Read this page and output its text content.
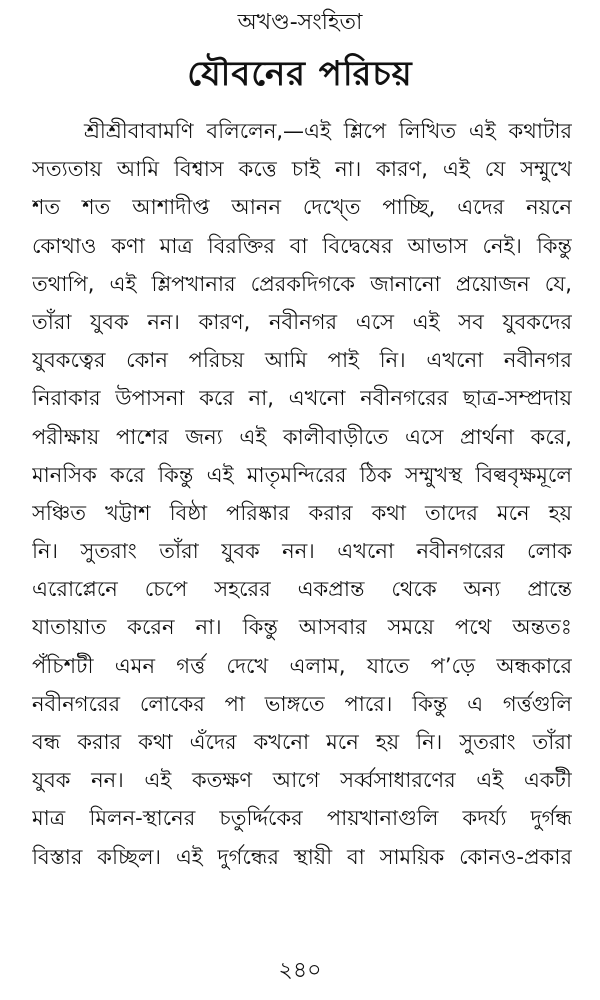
অখণ্ড-সংহিতা
যৌবনের পরিচয়
শ্রীশ্রীবাবামণি বলিলেন,—এই শ্লিপে লিখিত এই কথাটার
সত্যতায় আমি বিশ্বাস কত্তে চাই না। কারণ, এই যে সম্মুখে
শত শত আশাদীপ্ত আনন দেখ্তে পাচ্ছি, এদের নয়নে
কোথাও কণা মাত্র বিরক্তির বা বিদ্বেষের আভাস নেই। কিন্তু
তথাপি, এই শ্লিপখানার প্রেরকদিগকে জানানো প্রয়োজন যে,
তাঁরা যুবক নন। কারণ, নবীনগর এসে এই সব যুবকদের
যুবকত্বের কোন পরিচয় আমি পাই নি। এখনো নবীনগর
নিরাকার উপাসনা করে না, এখনো নবীনগরের ছাত্র-সম্প্রদায়
পরীক্ষায় পাশের জন্য এই কালীবাড়ীতে এসে প্রার্থনা করে,
মানসিক করে কিন্তু এই মাতৃমন্দিরের ঠিক সম্মুখস্থ বিল্ববৃক্ষমূলে
সঞ্চিত খট্টাশ বিষ্ঠা পরিষ্কার করার কথা তাদের মনে হয়
নি। সুতরাং তাঁরা যুবক নন। এখনো নবীনগরের লোক
এরোপ্লেনে চেপে সহরের একপ্রান্ত থেকে অন্য প্রান্তে
যাতায়াত করেন না। কিন্তু আসবার সময়ে পথে অন্ততঃ
পঁচিশটী এমন গর্ত্ত দেখে এলাম, যাতে প’ড়ে অন্ধকারে
নবীনগরের লোকের পা ভাঙ্গতে পারে। কিন্তু এ গর্ত্তগুলি
বন্ধ করার কথা এঁদের কখনো মনে হয় নি। সুতরাং তাঁরা
যুবক নন। এই কতক্ষণ আগে সর্ব্বসাধারণের এই একটী
মাত্র মিলন-স্থানের চতুর্দ্দিকের পায়খানাগুলি কদর্য্য দুর্গন্ধ
বিস্তার কচ্ছিল। এই দুর্গন্ধের স্থায়ী বা সাময়িক কোনও-প্রকার
২৪০
